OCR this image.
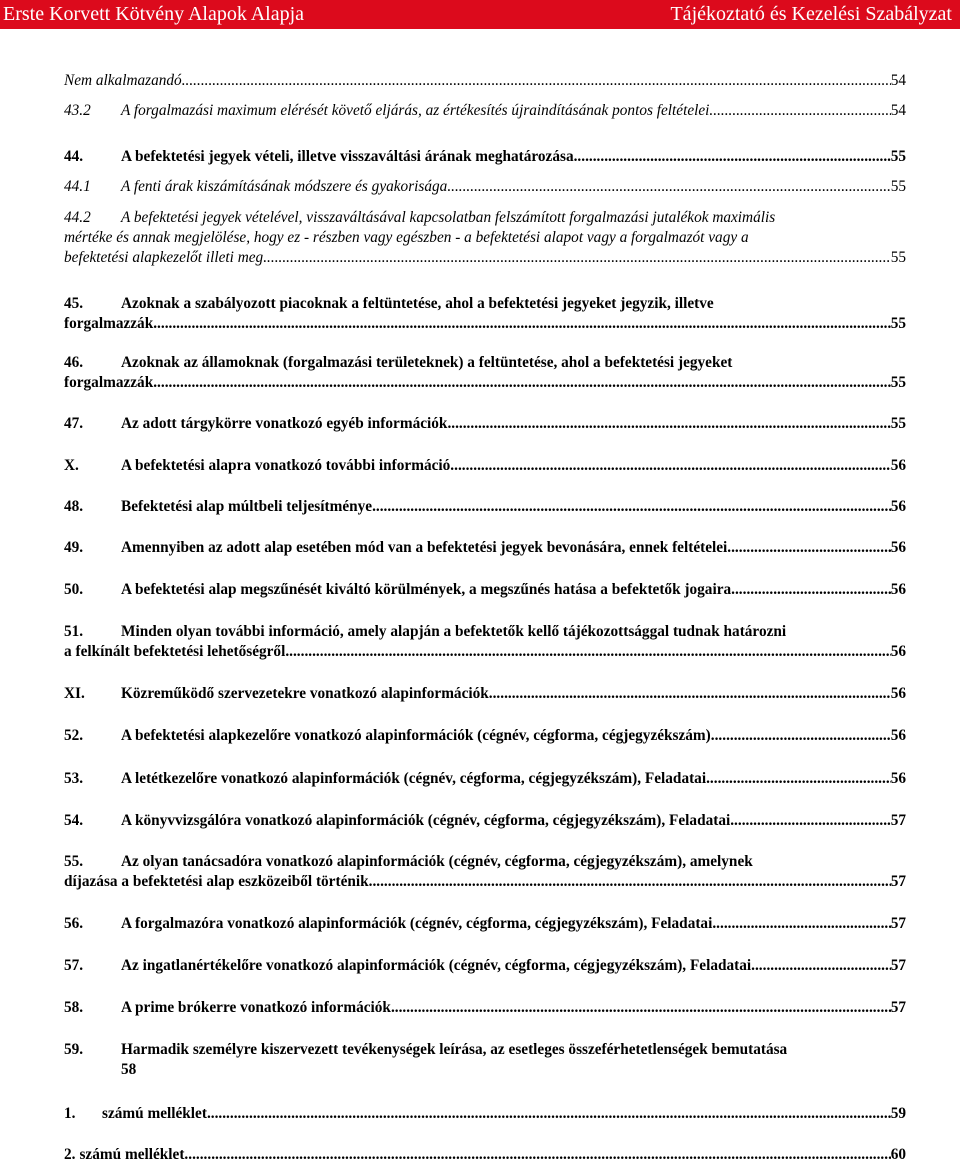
Erste Korvett Kötvény Alapok Alapja	Tájékoztató és Kezelési Szabályzat
Nem alkalmazandó. .....	54
43.2 A forgalmazási maximum elérését követő eljárás, az értékesítés újraindításának pontos feltételei .....	54
44. A befektetési jegyek vételi, illetve visszaváltási árának meghatározása .....	55
44.1 A fenti árak kiszámításának módszere és gyakorisága .....	55
44.2 A befektetési jegyek vételével, visszaváltásával kapcsolatban felszámított forgalmazási jutalékok maximális
mértéke és annak megjelölése, hogy ez - részben vagy egészben - a befektetési alapot vagy a forgalmazót vagy a
befektetési alapkezelőt illeti meg .....	55
45. Azoknak a szabályozott piacoknak a feltüntetése, ahol a befektetési jegyeket jegyzik, illetve
forgalmazzák .....	55
46. Azoknak az államoknak (forgalmazási területeknek) a feltüntetése, ahol a befektetési jegyeket
forgalmazzák .....	55
47. Az adott tárgykörre vonatkozó egyéb információk .....	55
X.	A befektetési alapra vonatkozó további információ .....	56
48. Befektetési alap múltbeli teljesítménye .....	56
49. Amennyiben az adott alap esetében mód van a befektetési jegyek bevonására, ennek feltételei .....	56
50. A befektetési alap megszűnését kiváltó körülmények, a megszűnés hatása a befektetők jogaira .....	56
51. Minden olyan további információ, amely alapján a befektetők kellő tájékozottsággal tudnak határozni
a felkínált befektetési lehetőségről .....	56
XI. Közreműködő szervezetekre vonatkozó alapinformációk .....	56
52. A befektetési alapkezelőre vonatkozó alapinformációk (cégnév, cégforma, cégjegyzékszám) .....	56
53. A letétkezelőre vonatkozó alapinformációk (cégnév, cégforma, cégjegyzékszám), Feladatai .....	56
54. A könyvvizsgálóra vonatkozó alapinformációk (cégnév, cégforma, cégjegyzékszám), Feladatai .....	57
55. Az olyan tanácsadóra vonatkozó alapinformációk (cégnév, cégforma, cégjegyzékszám), amelynek
díjazása a befektetési alap eszközeiből történik .....	57
56. A forgalmazóra vonatkozó alapinformációk (cégnév, cégforma, cégjegyzékszám), Feladatai .....	57
57. Az ingatlanértékelőre vonatkozó alapinformációk (cégnév, cégforma, cégjegyzékszám), Feladatai .....	57
58. A prime brókerre vonatkozó információk .....	57
59. Harmadik személyre kiszervezett tevékenységek leírása, az esetleges összeférhetetlenségek bemutatása
58
1. számú melléklet .....	59
2. számú melléklet .....	60
